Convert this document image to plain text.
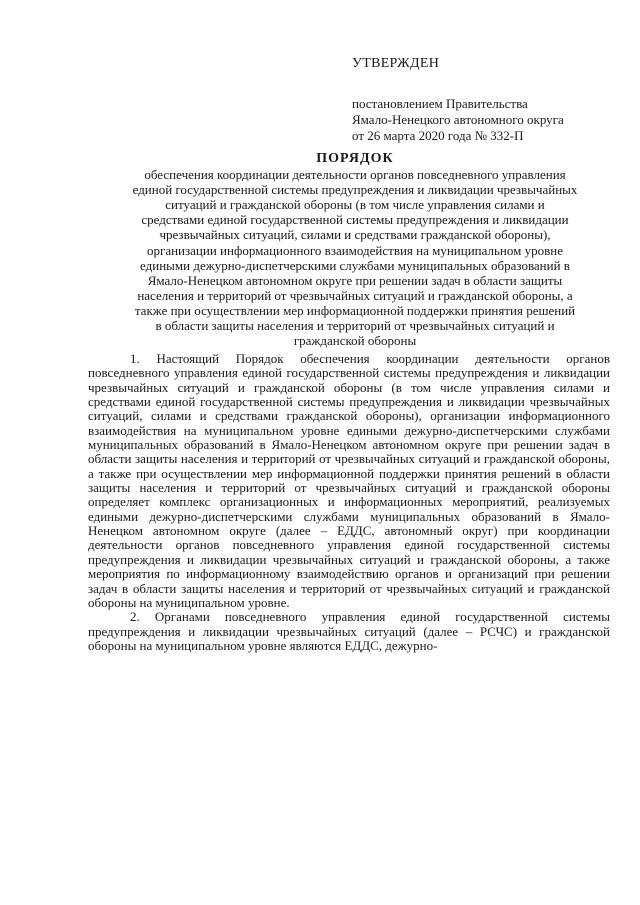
УТВЕРЖДЕН
постановлением Правительства
Ямало-Ненецкого автономного округа
от 26 марта 2020 года № 332-П
ПОРЯДОК
обеспечения координации деятельности органов повседневного управления
единой государственной системы предупреждения и ликвидации чрезвычайных
ситуаций и гражданской обороны (в том числе управления силами и
средствами единой государственной системы предупреждения и ликвидации
чрезвычайных ситуаций, силами и средствами гражданской обороны),
организации информационного взаимодействия на муниципальном уровне
едиными дежурно-диспетчерскими службами муниципальных образований в
Ямало-Ненецком автономном округе при решении задач в области защиты
населения и территорий от чрезвычайных ситуаций и гражданской обороны, а
также при осуществлении мер информационной поддержки принятия решений
в области защиты населения и территорий от чрезвычайных ситуаций и
гражданской обороны

1. Настоящий Порядок обеспечения координации деятельности органов повседневного управления единой государственной системы предупреждения и ликвидации чрезвычайных ситуаций и гражданской обороны (в том числе управления силами и средствами единой государственной системы предупреждения и ликвидации чрезвычайных ситуаций, силами и средствами гражданской обороны), организации информационного взаимодействия на муниципальном уровне едиными дежурно-диспетчерскими службами муниципальных образований в Ямало-Ненецком автономном округе при решении задач в области защиты населения и территорий от чрезвычайных ситуаций и гражданской обороны, а также при осуществлении мер информационной поддержки принятия решений в области защиты населения и территорий от чрезвычайных ситуаций и гражданской обороны определяет комплекс организационных и информационных мероприятий, реализуемых едиными дежурно-диспетчерскими службами муниципальных образований в Ямало-Ненецком автономном округе (далее – ЕДДС, автономный округ) при координации деятельности органов повседневного управления единой государственной системы предупреждения и ликвидации чрезвычайных ситуаций и гражданской обороны, а также мероприятия по информационному взаимодействию органов и организаций при решении задач в области защиты населения и территорий от чрезвычайных ситуаций и гражданской обороны на муниципальном уровне.

2. Органами повседневного управления единой государственной системы предупреждения и ликвидации чрезвычайных ситуаций (далее – РСЧС) и гражданской обороны на муниципальном уровне являются ЕДДС, дежурно-
